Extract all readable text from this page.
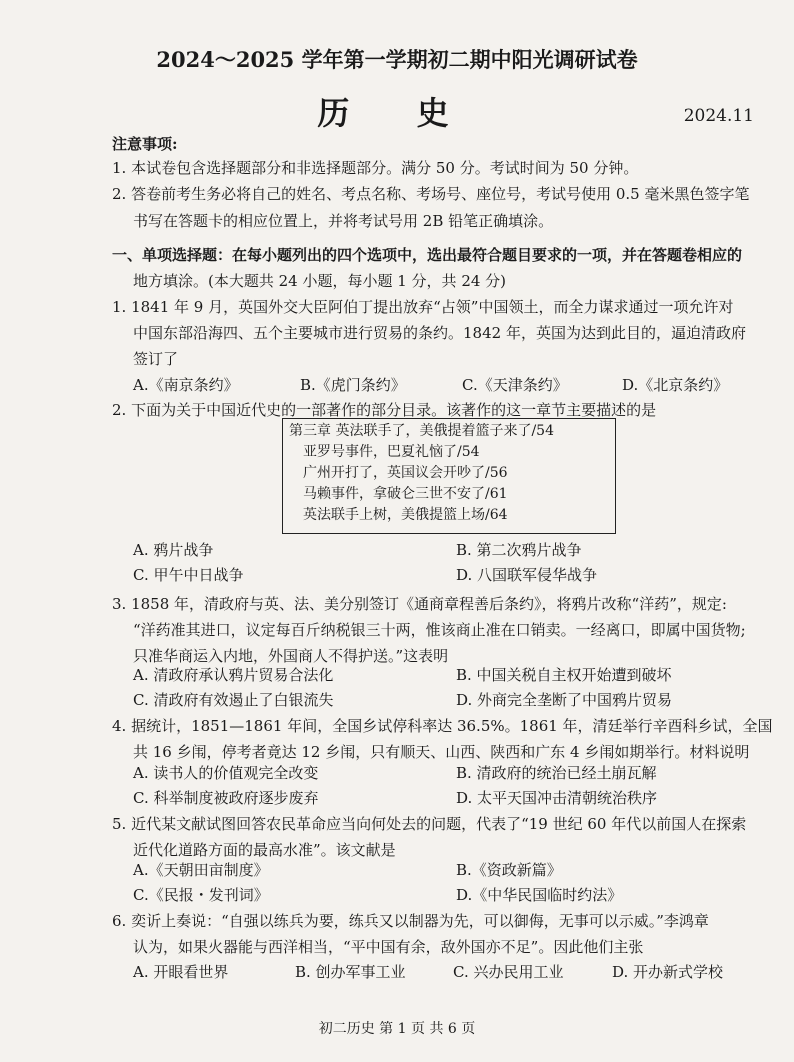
2024～2025 学年第一学期初二期中阳光调研试卷
历 史	2024.11
注意事项:
1. 本试卷包含选择题部分和非选择题部分。满分 50 分。考试时间为 50 分钟。
2. 答卷前考生务必将自己的姓名、考点名称、考场号、座位号，考试号使用 0.5 毫米黑色签字笔
书写在答题卡的相应位置上，并将考试号用 2B 铅笔正确填涂。
一、单项选择题：在每小题列出的四个选项中，选出最符合题目要求的一项，并在答题卷相应的
地方填涂。(本大题共 24 小题，每小题 1 分，共 24 分)
1. 1841 年 9 月，英国外交大臣阿伯丁提出放弃“占领”中国领土，而全力谋求通过一项允许对
中国东部沿海四、五个主要城市进行贸易的条约。1842 年，英国为达到此目的，逼迫清政府
签订了
A.《南京条约》	B.《虎门条约》	C.《天津条约》	D.《北京条约》
2. 下面为关于中国近代史的一部著作的部分目录。该著作的这一章节主要描述的是
第三章 英法联手了，美俄提着篮子来了/54
亚罗号事件，巴夏礼恼了/54
广州开打了，英国议会开吵了/56
马赖事件，拿破仑三世不安了/61
英法联手上树，美俄提篮上场/64
A. 鸦片战争	B. 第二次鸦片战争
C. 甲午中日战争	D. 八国联军侵华战争
3. 1858 年，清政府与英、法、美分别签订《通商章程善后条约》，将鸦片改称“洋药”，规定:
“洋药准其进口，议定每百斤纳税银三十两，惟该商止准在口销卖。一经离口，即属中国货物;
只准华商运入内地，外国商人不得护送。”这表明
A. 清政府承认鸦片贸易合法化	B. 中国关税自主权开始遭到破坏
C. 清政府有效遏止了白银流失	D. 外商完全垄断了中国鸦片贸易
4. 据统计，1851—1861 年间，全国乡试停科率达 36.5%。1861 年，清廷举行辛酉科乡试，全国
共 16 乡闱，停考者竟达 12 乡闱，只有顺天、山西、陕西和广东 4 乡闱如期举行。材料说明
A. 读书人的价值观完全改变	B. 清政府的统治已经土崩瓦解
C. 科举制度被政府逐步废弃	D. 太平天国冲击清朝统治秩序
5. 近代某文献试图回答农民革命应当向何处去的问题，代表了“19 世纪 60 年代以前国人在探索
近代化道路方面的最高水准”。该文献是
A.《天朝田亩制度》	B.《资政新篇》
C.《民报・发刊词》	D.《中华民国临时约法》
6. 奕䜣上奏说：“自强以练兵为要，练兵又以制器为先，可以御侮，无事可以示威。”李鸿章
认为，如果火器能与西洋相当，“平中国有余，敌外国亦不足”。因此他们主张
A. 开眼看世界	B. 创办军事工业	C. 兴办民用工业	D. 开办新式学校
初二历史 第 1 页 共 6 页
